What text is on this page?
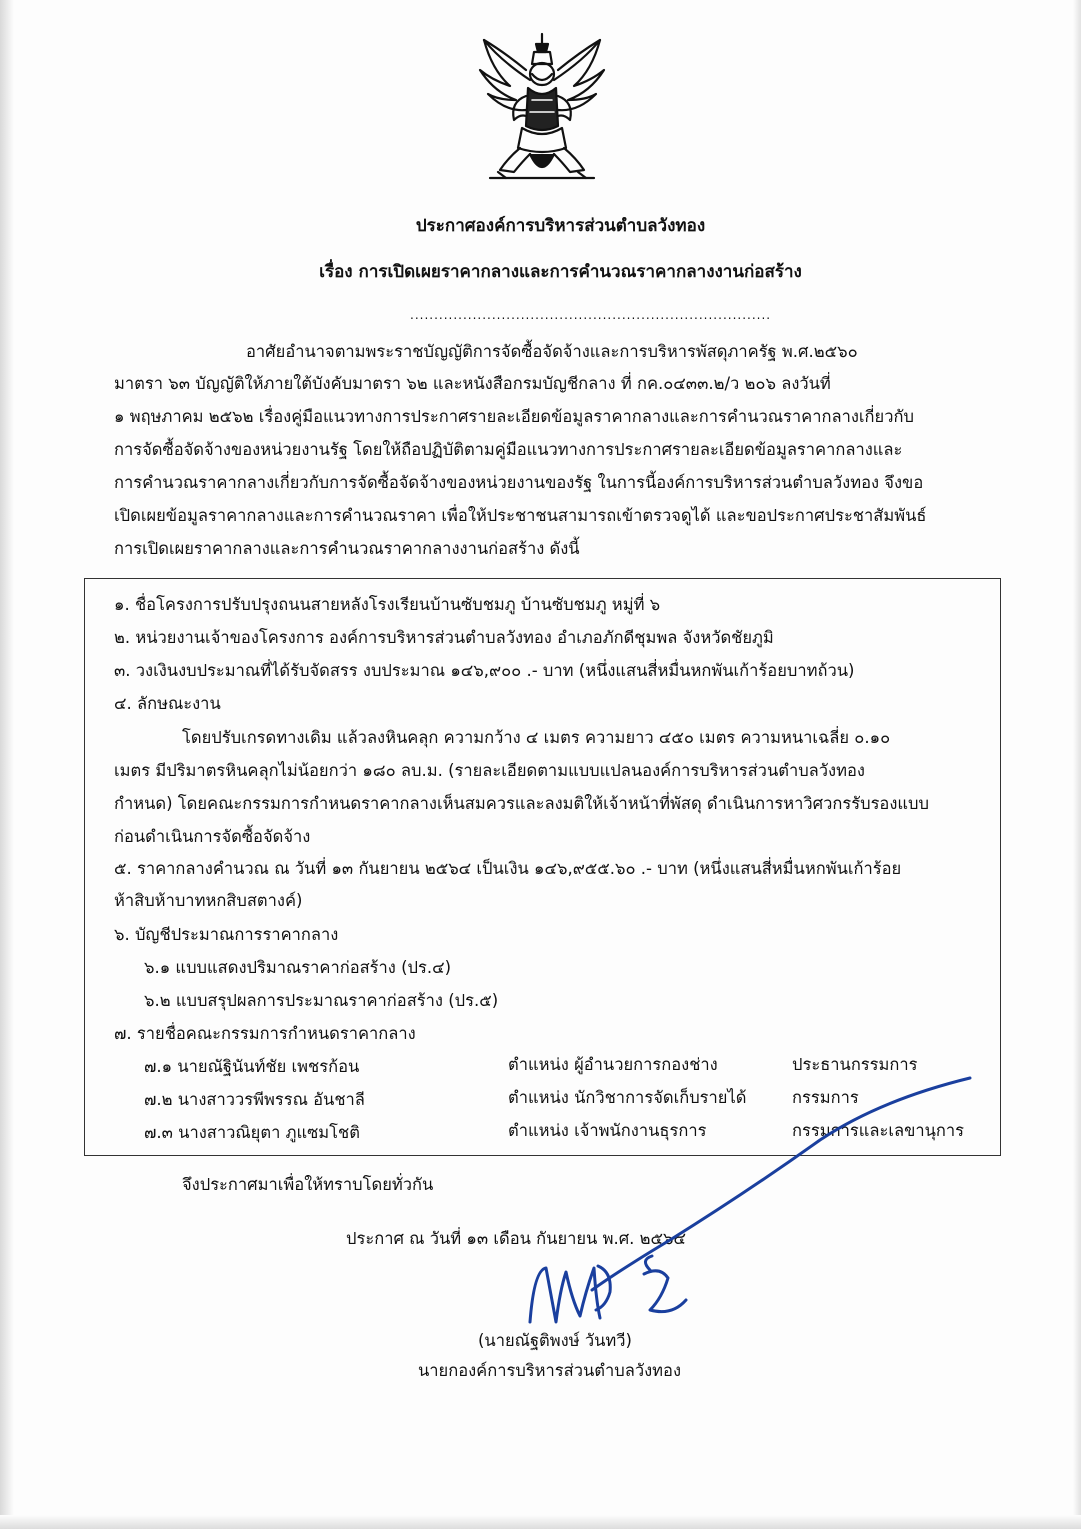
ประกาศองค์การบริหารส่วนตำบลวังทอง
เรื่อง การเปิดเผยราคากลางและการคำนวณราคากลางงานก่อสร้าง
...........................................................................
อาศัยอำนาจตามพระราชบัญญัติการจัดซื้อจัดจ้างและการบริหารพัสดุภาครัฐ พ.ศ.๒๕๖๐
มาตรา ๖๓ บัญญัติให้ภายใต้บังคับมาตรา ๖๒ และหนังสือกรมบัญชีกลาง ที่ กค.๐๔๓๓.๒/ว ๒๐๖ ลงวันที่
๑ พฤษภาคม ๒๕๖๒ เรื่องคู่มือแนวทางการประกาศรายละเอียดข้อมูลราคากลางและการคำนวณราคากลางเกี่ยวกับ
การจัดซื้อจัดจ้างของหน่วยงานรัฐ โดยให้ถือปฏิบัติตามคู่มือแนวทางการประกาศรายละเอียดข้อมูลราคากลางและ
การคำนวณราคากลางเกี่ยวกับการจัดซื้อจัดจ้างของหน่วยงานของรัฐ ในการนี้องค์การบริหารส่วนตำบลวังทอง จึงขอ
เปิดเผยข้อมูลราคากลางและการคำนวณราคา เพื่อให้ประชาชนสามารถเข้าตรวจดูได้ และขอประกาศประชาสัมพันธ์
การเปิดเผยราคากลางและการคำนวณราคากลางงานก่อสร้าง ดังนี้
๑. ชื่อโครงการปรับปรุงถนนสายหลังโรงเรียนบ้านซับชมภู บ้านซับชมภู หมู่ที่ ๖
๒. หน่วยงานเจ้าของโครงการ องค์การบริหารส่วนตำบลวังทอง อำเภอภักดีชุมพล จังหวัดชัยภูมิ
๓. วงเงินงบประมาณที่ได้รับจัดสรร งบประมาณ ๑๔๖,๙๐๐ .- บาท (หนึ่งแสนสี่หมื่นหกพันเก้าร้อยบาทถ้วน)
๔. ลักษณะงาน
โดยปรับเกรดทางเดิม แล้วลงหินคลุก ความกว้าง ๔ เมตร ความยาว ๔๕๐ เมตร ความหนาเฉลี่ย ๐.๑๐
เมตร มีปริมาตรหินคลุกไม่น้อยกว่า ๑๘๐ ลบ.ม. (รายละเอียดตามแบบแปลนองค์การบริหารส่วนตำบลวังทอง
กำหนด) โดยคณะกรรมการกำหนดราคากลางเห็นสมควรและลงมติให้เจ้าหน้าที่พัสดุ ดำเนินการหาวิศวกรรับรองแบบ
ก่อนดำเนินการจัดซื้อจัดจ้าง
๕. ราคากลางคำนวณ ณ วันที่ ๑๓ กันยายน ๒๕๖๔ เป็นเงิน ๑๔๖,๙๕๕.๖๐ .- บาท (หนึ่งแสนสี่หมื่นหกพันเก้าร้อย
ห้าสิบห้าบาทหกสิบสตางค์)
๖. บัญชีประมาณการราคากลาง
๖.๑ แบบแสดงปริมาณราคาก่อสร้าง (ปร.๔)
๖.๒ แบบสรุปผลการประมาณราคาก่อสร้าง (ปร.๕)
๗. รายชื่อคณะกรรมการกำหนดราคากลาง
๗.๑ นายณัฐินันท์ชัย เพชรก้อน	ตำแหน่ง ผู้อำนวยการกองช่าง	ประธานกรรมการ
๗.๒ นางสาววรพีพรรณ อันชาลี	ตำแหน่ง นักวิชาการจัดเก็บรายได้	กรรมการ
๗.๓ นางสาวณิยุตา ภูแซมโชติ	ตำแหน่ง เจ้าพนักงานธุรการ	กรรมการและเลขานุการ
จึงประกาศมาเพื่อให้ทราบโดยทั่วกัน
ประกาศ ณ วันที่ ๑๓ เดือน กันยายน พ.ศ. ๒๕๖๔
(นายณัฐติพงษ์ วันทวี)
นายกองค์การบริหารส่วนตำบลวังทอง
